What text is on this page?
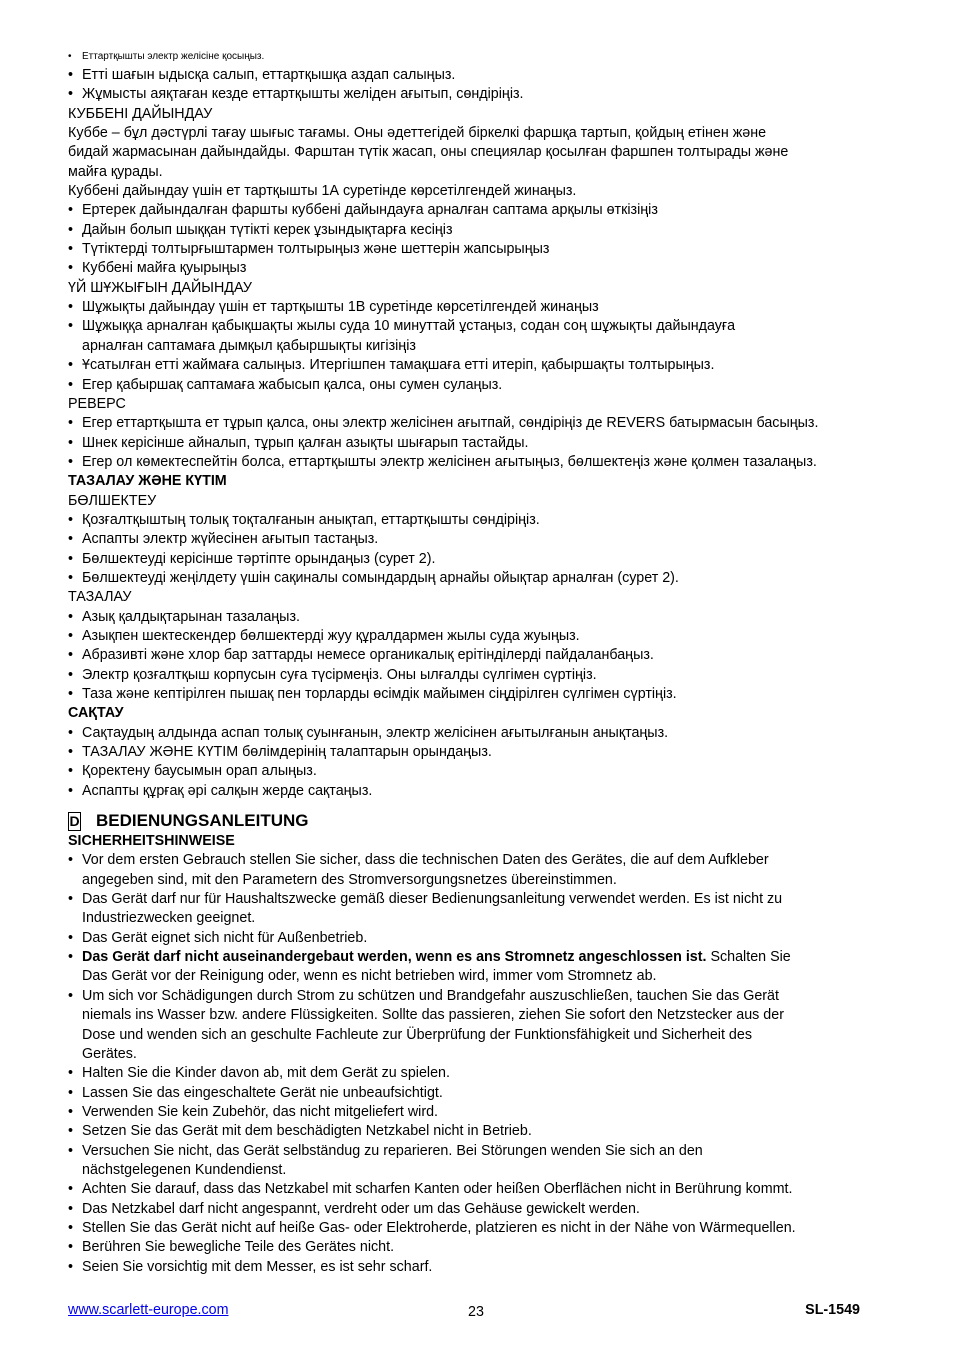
• Еттартқышты электр желісіне қосыңыз.
• Етті шағын ыдысқа салып, еттартқышқа аздап салыңыз.
• Жұмысты аяқтаған кезде еттартқышты желіден ағытып, сөндіріңіз.

КУББЕНІ ДАЙЫНДАУ

Куббе – бұл дәстүрлі тағау шығыс тағамы. Оны әдеттегідей біркелкі фаршқа тартып, қойдың етінен және

бидай жармасынан дайындайды. Фарштан түтік жасап, оны специялар қосылған фаршпен толтырады және

майға қурады.

Куббені дайындау үшін ет тартқышты 1А суретінде көрсетілгендей жинаңыз.

• Ертерек дайындалған фаршты куббені дайындауға арналған саптама арқылы өткізіңіз
• Дайын болып шыққан түтікті керек ұзындықтарға кесіңіз
• Түтіктерді толтырғыштармен толтырыңыз және шеттерін жапсырыңыз
• Куббені майға қуырыңыз

ҮЙ ШҰЖЫҒЫН ДАЙЫНДАУ

• Шұжықты дайындау үшін ет тартқышты 1В суретінде көрсетілгендей жинаңыз
• Шұжыққа арналған қабықшақты жылы суда 10 минуттай ұстаңыз, содан соң шұжықты дайындауға
арналған саптамаға дымқыл қабыршықты кигізіңіз
• Ұсатылған етті жаймаға салыңыз. Итергішпен тамақшаға етті итеріп, қабыршақты толтырыңыз.
• Егер қабыршақ саптамаға жабысып қалса, оны сумен сулаңыз.

РЕВЕРС

• Егер еттартқышта ет тұрып қалса, оны электр желісінен ағытпай, сөндіріңіз де REVERS батырмасын басыңыз.
• Шнек керісінше айналып, тұрып қалған азықты шығарып тастайды.
• Егер ол көмектеспейтін болса, еттартқышты электр желісінен ағытыңыз, бөлшектеңіз және қолмен тазалаңыз.

ТАЗАЛАУ ЖӘНЕ КҮТІМ

БӨЛШЕКТЕУ

• Қозғалтқыштың толық тоқталғанын анықтап, еттартқышты сөндіріңіз.
• Аспапты электр жүйесінен ағытып тастаңыз.
• Бөлшектеуді керісінше тәртіпте орындаңыз (сурет 2).
• Бөлшектеуді жеңілдету үшін сақиналы сомындардың арнайы ойықтар арналған (сурет 2).

ТАЗАЛАУ

• Азық қалдықтарынан тазалаңыз.
• Азықпен шектескендер бөлшектерді жуу құралдармен жылы суда жуыңыз.
• Абразивті және хлор бар заттарды немесе органикалық ерітінділерді пайдаланбаңыз.
• Электр қозғалтқыш корпусын суға түсірмеңіз. Оны ылғалды сүлгімен сүртіңіз.
• Таза және кептірілген пышақ пен торларды өсімдік майымен сіңдірілген сүлгімен сүртіңіз.

САҚТАУ

• Сақтаудың алдында аспап толық суынғанын, электр желісінен ағытылғанын анықтаңыз.
• ТАЗАЛАУ ЖӘНЕ КҮТІМ бөлімдерінің талаптарын орындаңыз.
• Қоректену баусымын орап алыңыз.
• Аспапты құрғақ әрі салқын жерде сақтаңыз.
D BEDIENUNGSANLEITUNG

SICHERHEITSHINWEISE

• Vor dem ersten Gebrauch stellen Sie sicher, dass die technischen Daten des Gerätes, die auf dem Aufkleber
angegeben sind, mit den Parametern des Stromversorgungsnetzes übereinstimmen.
• Das Gerät darf nur für Haushaltszwecke gemäß dieser Bedienungsanleitung verwendet werden. Es ist nicht zu
Industriezwecken geeignet.
• Das Gerät eignet sich nicht für Außenbetrieb.
• Das Gerät darf nicht auseinandergebaut werden, wenn es ans Stromnetz angeschlossen ist. Schalten Sie
Das Gerät vor der Reinigung oder, wenn es nicht betrieben wird, immer vom Stromnetz ab.
• Um sich vor Schädigungen durch Strom zu schützen und Brandgefahr auszuschließen, tauchen Sie das Gerät
niemals ins Wasser bzw. andere Flüssigkeiten. Sollte das passieren, ziehen Sie sofort den Netzstecker aus der
Dose und wenden sich an geschulte Fachleute zur Überprüfung der Funktionsfähigkeit und Sicherheit des
Gerätes.
• Halten Sie die Kinder davon ab, mit dem Gerät zu spielen.
• Lassen Sie das eingeschaltete Gerät nie unbeaufsichtigt.
• Verwenden Sie kein Zubehör, das nicht mitgeliefert wird.
• Setzen Sie das Gerät mit dem beschädigten Netzkabel nicht in Betrieb.
• Versuchen Sie nicht, das Gerät selbständug zu reparieren. Bei Störungen wenden Sie sich an den
nächstgelegenen Kundendienst.
• Achten Sie darauf, dass das Netzkabel mit scharfen Kanten oder heißen Oberflächen nicht in Berührung kommt.
• Das Netzkabel darf nicht angespannt, verdreht oder um das Gehäuse gewickelt werden.
• Stellen Sie das Gerät nicht auf heiße Gas- oder Elektroherde, platzieren es nicht in der Nähe von Wärmequellen.
• Berühren Sie bewegliche Teile des Gerätes nicht.
• Seien Sie vorsichtig mit dem Messer, es ist sehr scharf.
www.scarlett-europe.com	23	SL-1549
